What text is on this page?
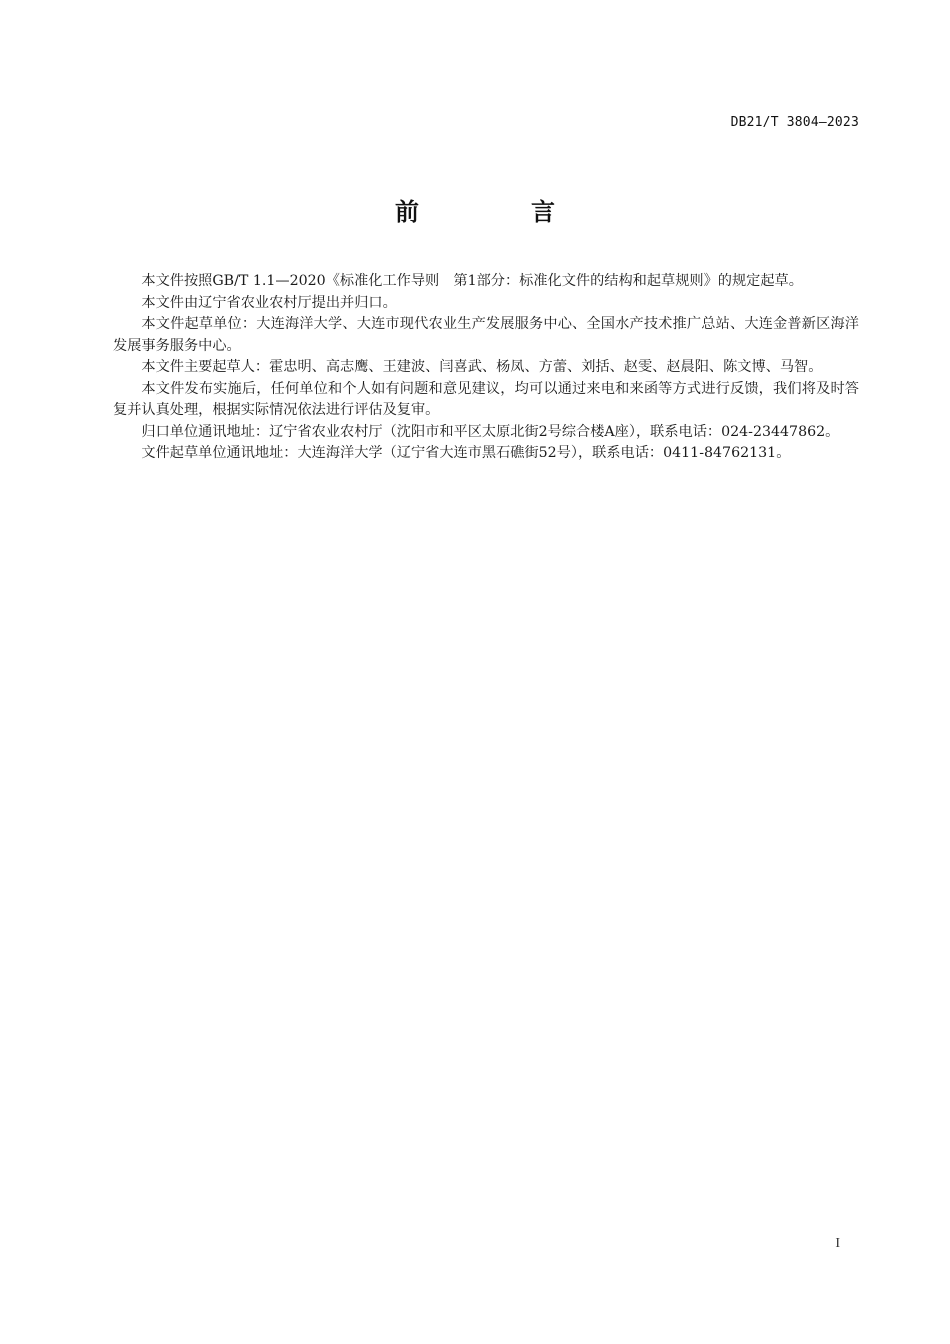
DB21/T 3804—2023
前　言

本文件按照GB/T 1.1—2020《标准化工作导则　第1部分：标准化文件的结构和起草规则》的规定起草。

本文件由辽宁省农业农村厅提出并归口。

本文件起草单位：大连海洋大学、大连市现代农业生产发展服务中心、全国水产技术推广总站、大连金普新区海洋发展事务服务中心。

本文件主要起草人：霍忠明、高志鹰、王建波、闫喜武、杨凤、方蕾、刘括、赵雯、赵晨阳、陈文博、马智。

本文件发布实施后，任何单位和个人如有问题和意见建议，均可以通过来电和来函等方式进行反馈，我们将及时答复并认真处理，根据实际情况依法进行评估及复审。

归口单位通讯地址：辽宁省农业农村厅（沈阳市和平区太原北街2号综合楼A座），联系电话：024-23447862。

文件起草单位通讯地址：大连海洋大学（辽宁省大连市黑石礁街52号），联系电话：0411-84762131。

I
